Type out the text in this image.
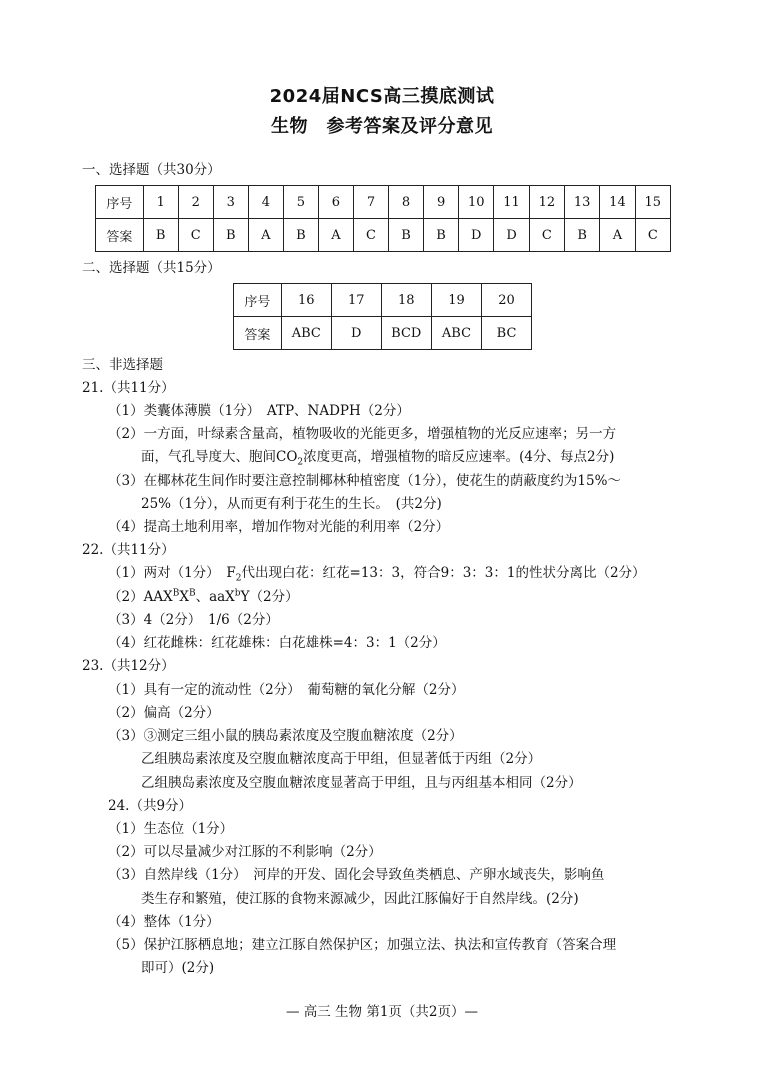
2024届NCS高三摸底测试
生物　参考答案及评分意见
一、选择题（共30分）
序号	1	2	3	4	5	6	7	8	9	10	11	12	13	14	15
答案	B	C	B	A	B	A	C	B	B	D	D	C	B	A	C
二、选择题（共15分）
序号	16	17	18	19	20
答案	ABC	D	BCD	ABC	BC
三、非选择题
21.（共11分）
（1）类囊体薄膜（1分）　ATP、NADPH（2分）
（2）一方面，叶绿素含量高，植物吸收的光能更多，增强植物的光反应速率；另一方
面，气孔导度大、胞间$CO_2$浓度更高，增强植物的暗反应速率。(4分、每点2分)
（3）在椰林花生间作时要注意控制椰林种植密度（1分），使花生的荫蔽度约为15%～
25%（1分），从而更有利于花生的生长。　(共2分)
（4）提高土地利用率，增加作物对光能的利用率（2分）
22.（共11分）
（1）两对（1分）　$F_2$代出现白花：红花=13：3，符合9：3：3：1的性状分离比（2分）
$(2)AAX^BX^B$、aaX$^b$Y（2分）
（3）4（2分）　1/6（2分）
（4）红花雌株：红花雄株：白花雄株=4：3：1（2分）
23.（共12分）
（1）具有一定的流动性（2分）　葡萄糖的氧化分解（2分）
（2）偏高（2分）
（3）③测定三组小鼠的胰岛素浓度及空腹血糖浓度（2分）
乙组胰岛素浓度及空腹血糖浓度高于甲组，但显著低于丙组（2分）
乙组胰岛素浓度及空腹血糖浓度显著高于甲组，且与丙组基本相同（2分）
24.（共9分）
（1）生态位（1分）
（2）可以尽量减少对江豚的不利影响（2分）
（3）自然岸线（1分）　河岸的开发、固化会导致鱼类栖息、产卵水域丧失，影响鱼
类生存和繁殖，使江豚的食物来源减少，因此江豚偏好于自然岸线。(2分)
（4）整体（1分）
（5）保护江豚栖息地；建立江豚自然保护区；加强立法、执法和宣传教育（答案合理
即可）(2分)
— 高三 生物 第1页（共2页）—
